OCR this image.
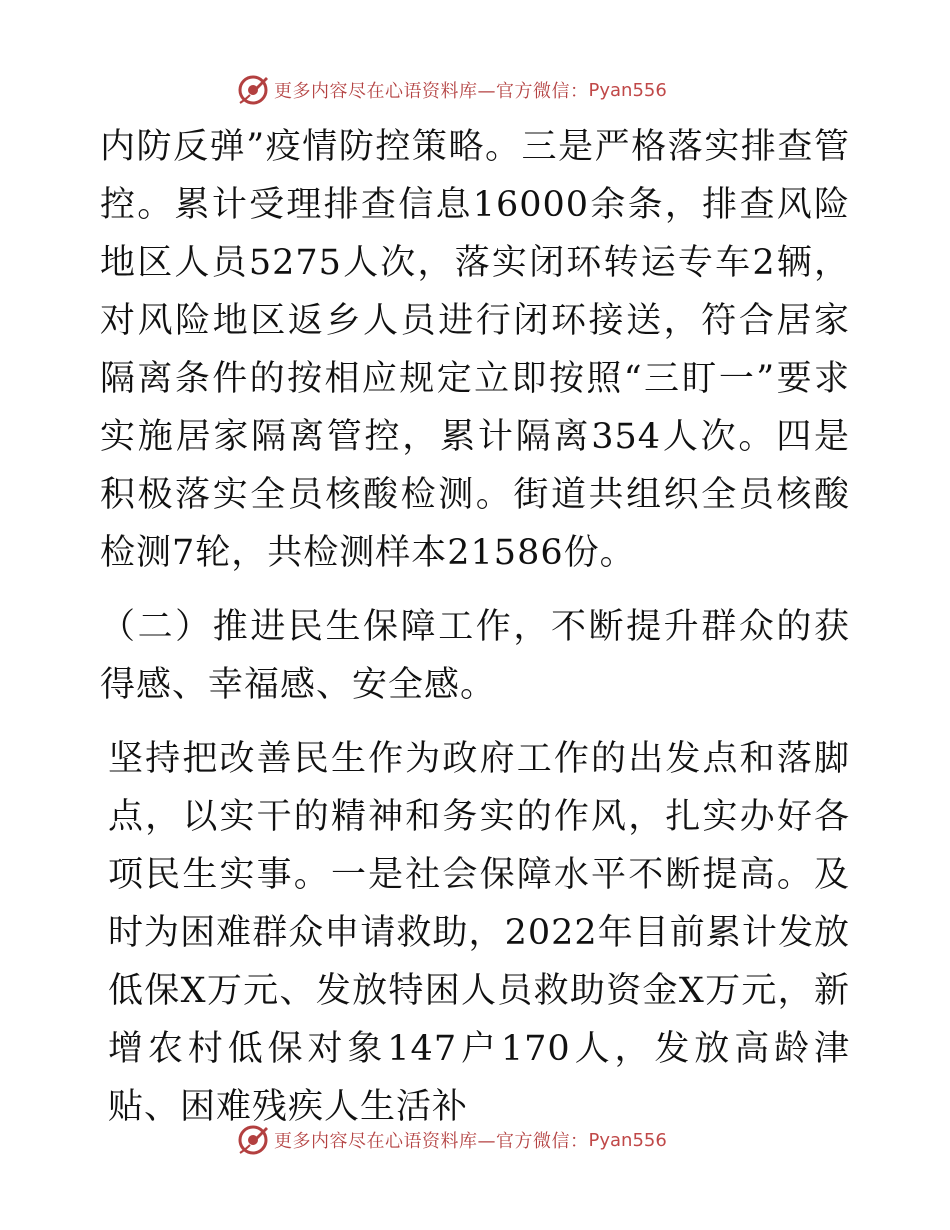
更多内容尽在心语资料库—官方微信： Pyan556

内防反弹”疫情防控策略。三是严格落实排查管控。累计受理排查信息16000余条，排查风险地区人员5275人次，落实闭环转运专车2辆，对风险地区返乡人员进行闭环接送，符合居家隔离条件的按相应规定立即按照“三盯一”要求实施居家隔离管控，累计隔离354人次。四是积极落实全员核酸检测。街道共组织全员核酸检测7轮，共检测样本21586份。

（二）推进民生保障工作，不断提升群众的获得感、幸福感、安全感。

坚持把改善民生作为政府工作的出发点和落脚点，以实干的精神和务实的作风，扎实办好各项民生实事。一是社会保障水平不断提高。及时为困难群众申请救助，2022年目前累计发放低保X万元、发放特困人员救助资金X万元，新增农村低保对象147户170人，发放高龄津贴、困难残疾人生活补

更多内容尽在心语资料库—官方微信： Pyan556
